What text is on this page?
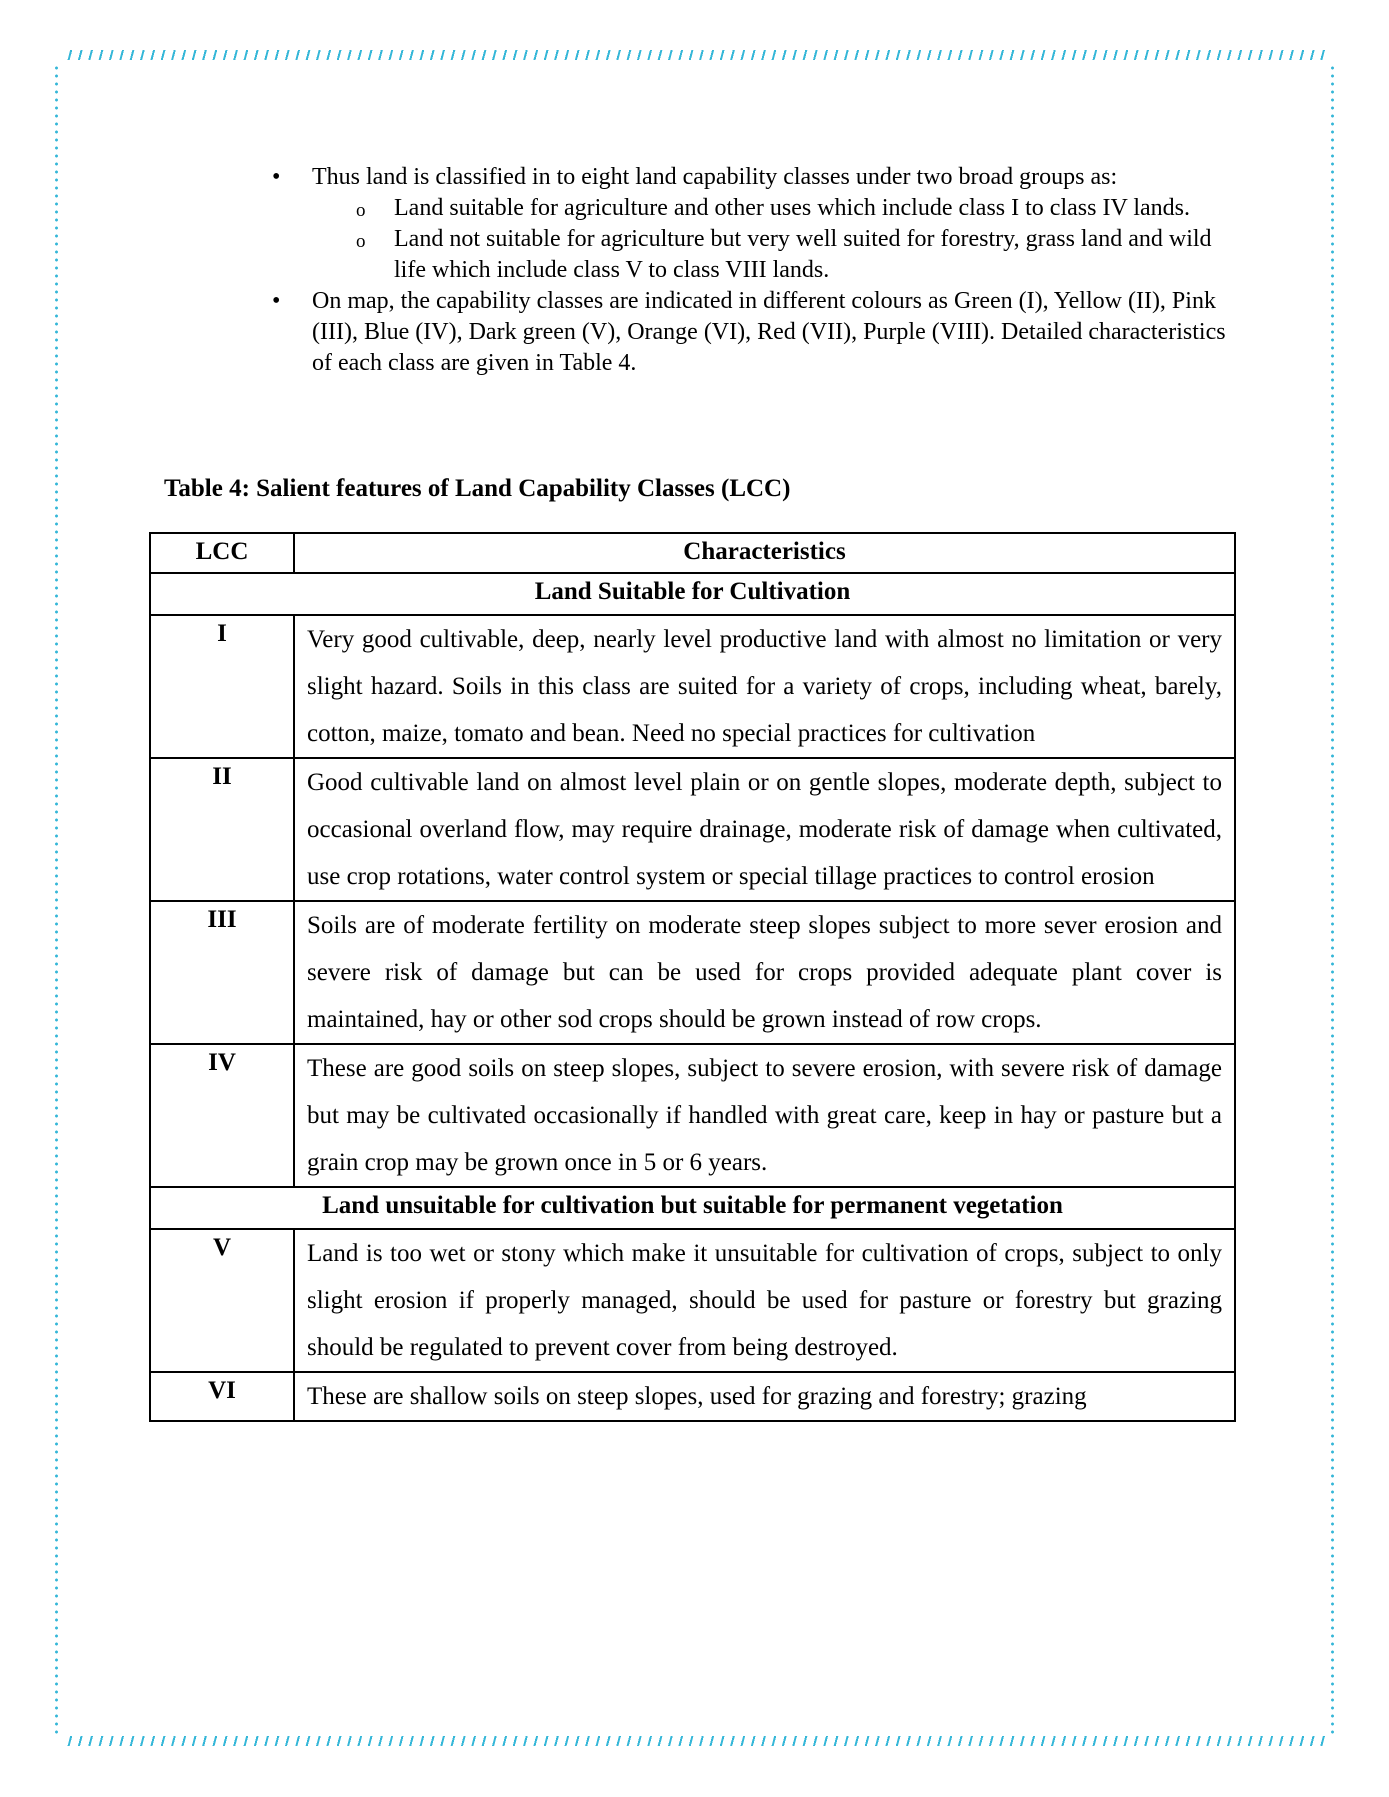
• Thus land is classified in to eight land capability classes under two broad groups as:
o Land suitable for agriculture and other uses which include class I to class IV lands.
o Land not suitable for agriculture but very well suited for forestry, grass land and wild life which include class V to class VIII lands.
• On map, the capability classes are indicated in different colours as Green (I), Yellow (II), Pink (III), Blue (IV), Dark green (V), Orange (VI), Red (VII), Purple (VIII). Detailed characteristics of each class are given in Table 4.
Table 4: Salient features of Land Capability Classes (LCC)
LCC	Characteristics
Land Suitable for Cultivation	
I	Very good cultivable, deep, nearly level productive land with almost no limitation or very slight hazard. Soils in this class are suited for a variety of crops, including wheat, barely, cotton, maize, tomato and bean. Need no special practices for cultivation
II	Good cultivable land on almost level plain or on gentle slopes, moderate depth, subject to occasional overland flow, may require drainage, moderate risk of damage when cultivated, use crop rotations, water control system or special tillage practices to control erosion
III	Soils are of moderate fertility on moderate steep slopes subject to more sever erosion and severe risk of damage but can be used for crops provided adequate plant cover is maintained, hay or other sod crops should be grown instead of row crops.
IV	These are good soils on steep slopes, subject to severe erosion, with severe risk of damage but may be cultivated occasionally if handled with great care, keep in hay or pasture but a grain crop may be grown once in 5 or 6 years.
Land unsuitable for cultivation but suitable for permanent vegetation	
V	Land is too wet or stony which make it unsuitable for cultivation of crops, subject to only slight erosion if properly managed, should be used for pasture or forestry but grazing should be regulated to prevent cover from being destroyed.
VI	These are shallow soils on steep slopes, used for grazing and forestry; grazing
